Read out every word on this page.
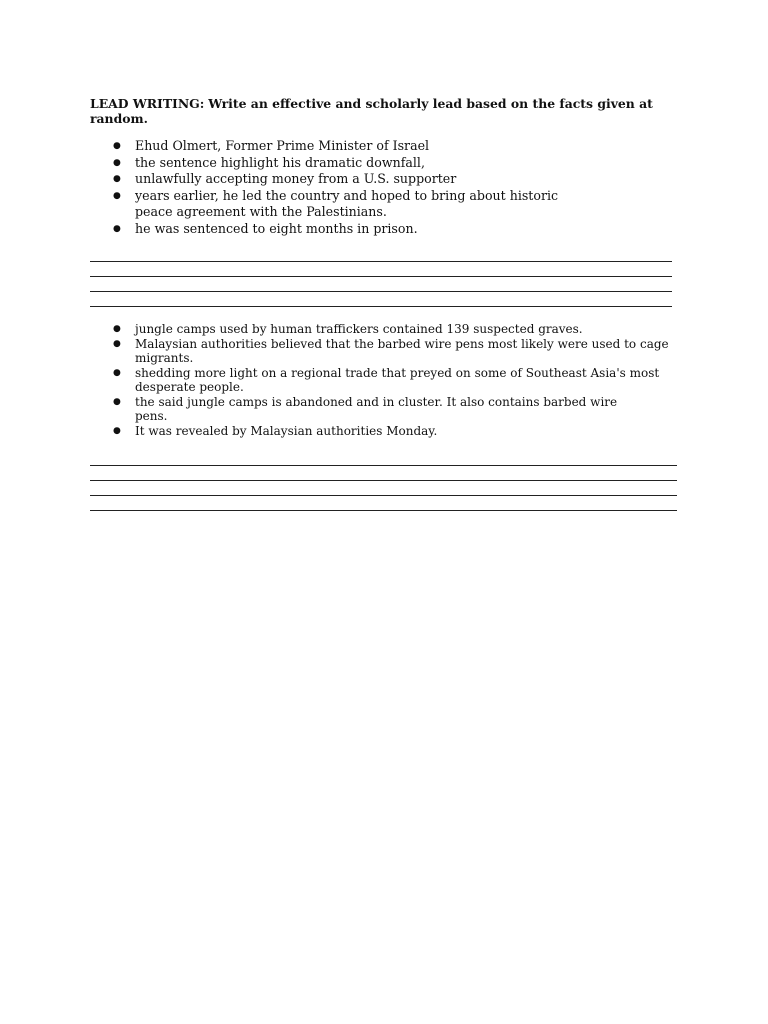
LEAD WRITING: Write an effective and scholarly lead based on the facts given at random.

● Ehud Olmert, Former Prime Minister of Israel
● the sentence highlight his dramatic downfall,
● unlawfully accepting money from a U.S. supporter
● years earlier, he led the country and hoped to bring about historic peace agreement with the Palestinians.
● he was sentenced to eight months in prison.
● jungle camps used by human traffickers contained 139 suspected graves.
● Malaysian authorities believed that the barbed wire pens most likely were used to cage migrants.
● shedding more light on a regional trade that preyed on some of Southeast Asia's most desperate people.
● the said jungle camps is abandoned and in cluster. It also contains barbed wire pens.
● It was revealed by Malaysian authorities Monday.
